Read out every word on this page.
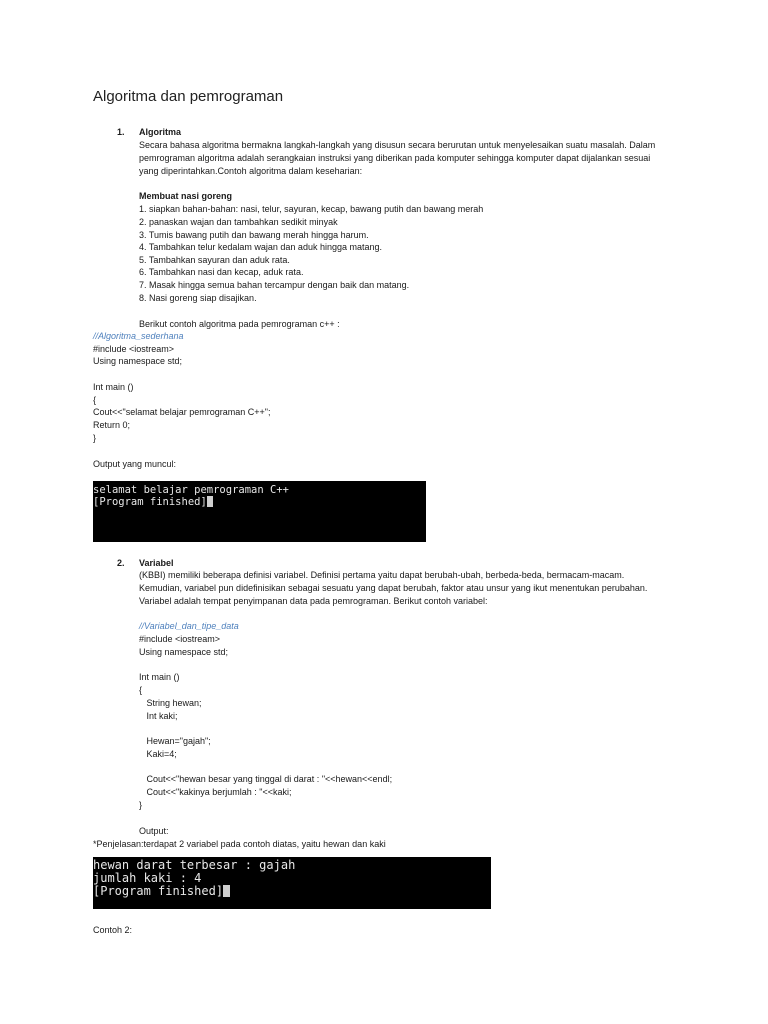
Algoritma dan pemrograman
1. Algoritma
Secara bahasa algoritma bermakna langkah-langkah yang disusun secara berurutan untuk menyelesaikan suatu masalah. Dalam
pemrograman algoritma adalah serangkaian instruksi yang diberikan pada komputer sehingga komputer dapat dijalankan sesuai
yang diperintahkan.Contoh algoritma dalam keseharian:
Membuat nasi goreng
1. siapkan bahan-bahan: nasi, telur, sayuran, kecap, bawang putih dan bawang merah
2. panaskan wajan dan tambahkan sedikit minyak
3. Tumis bawang putih dan bawang merah hingga harum.
4. Tambahkan telur kedalam wajan dan aduk hingga matang.
5. Tambahkan sayuran dan aduk rata.
6. Tambahkan nasi dan kecap, aduk rata.
7. Masak hingga semua bahan tercampur dengan baik dan matang.
8. Nasi goreng siap disajikan.
Berikut contoh algoritma pada pemrograman c++ :
//Algoritma_sederhana
#include <iostream>
Using namespace std;
Int main ()
{
Cout<<"selamat belajar pemrograman C++";
Return 0;
}
Output yang muncul:
selamat belajar pemrograman C++
[Program finished]
2. Variabel
(KBBI) memiliki beberapa definisi variabel. Definisi pertama yaitu dapat berubah-ubah, berbeda-beda, bermacam-macam.
Kemudian, variabel pun didefinisikan sebagai sesuatu yang dapat berubah, faktor atau unsur yang ikut menentukan perubahan.
Variabel adalah tempat penyimpanan data pada pemrograman. Berikut contoh variabel:
//Variabel_dan_tipe_data
#include <iostream>
Using namespace std;
Int main ()
{
String hewan;
Int kaki;
Hewan="gajah";
Kaki=4;
Cout<<"hewan besar yang tinggal di darat : "<<hewan<<endl;
Cout<<"kakinya berjumlah : "<<kaki;
}
Output:
*Penjelasan:terdapat 2 variabel pada contoh diatas, yaitu hewan dan kaki
hewan darat terbesar : gajah
jumlah kaki : 4
[Program finished]
Contoh 2:
